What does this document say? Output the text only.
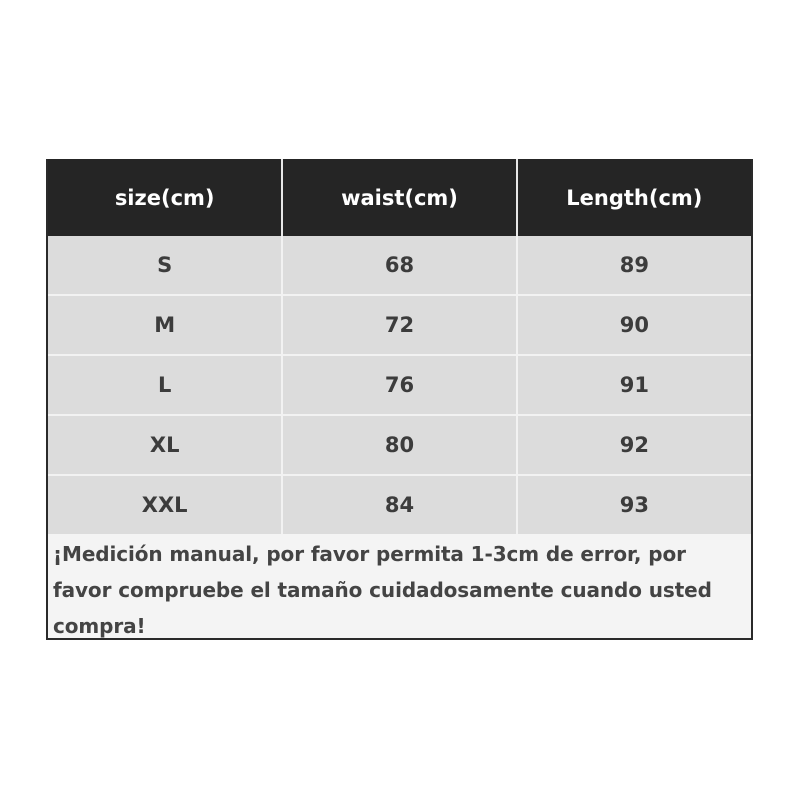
size(cm)	waist(cm)	Length(cm)
S	68	89
M	72	90
L	76	91
XL	80	92
XXL	84	93
¡Medición manual, por favor permita 1-3cm de error, por favor compruebe el tamaño cuidadosamente cuando usted compra!
